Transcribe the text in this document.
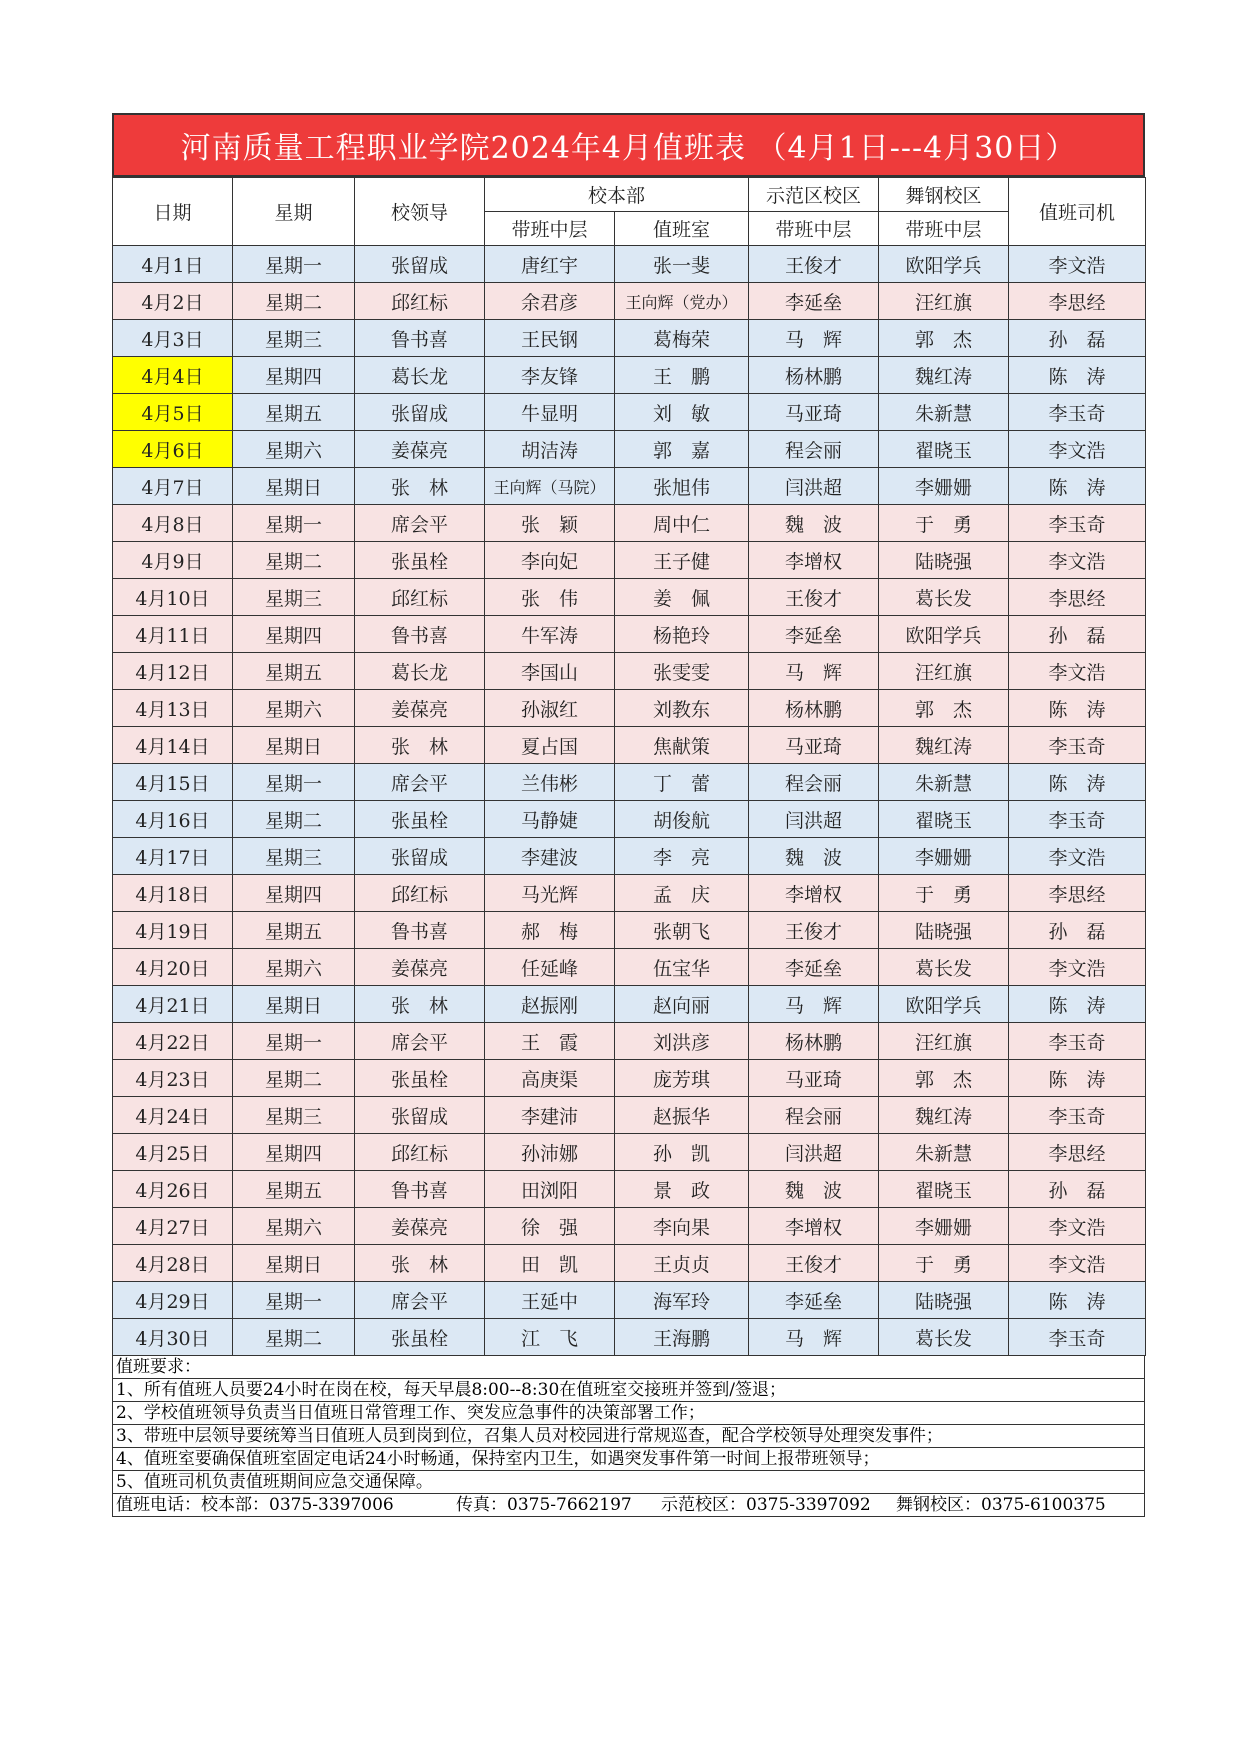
河南质量工程职业学院2024年4月值班表 （4月1日---4月30日）
日期	星期	校领导	校本部		示范区校区	舞钢校区	值班司机
			带班中层	值班室	带班中层	带班中层	
4月1日	星期一	张留成	唐红宇	张一斐	王俊才	欧阳学兵	李文浩
4月2日	星期二	邱红标	余君彦	王向辉（党办）	李延垒	汪红旗	李思经
4月3日	星期三	鲁书喜	王民钢	葛梅荣	马　辉	郭　杰	孙　磊
4月4日	星期四	葛长龙	李友锋	王　鹏	杨林鹏	魏红涛	陈　涛
4月5日	星期五	张留成	牛显明	刘　敏	马亚琦	朱新慧	李玉奇
4月6日	星期六	姜葆亮	胡洁涛	郭　嘉	程会丽	翟晓玉	李文浩
4月7日	星期日	张　林	王向辉（马院）	张旭伟	闫洪超	李姗姗	陈　涛
4月8日	星期一	席会平	张　颖	周中仁	魏　波	于　勇	李玉奇
4月9日	星期二	张虽栓	李向妃	王子健	李增权	陆晓强	李文浩
4月10日	星期三	邱红标	张　伟	姜　佩	王俊才	葛长发	李思经
4月11日	星期四	鲁书喜	牛军涛	杨艳玲	李延垒	欧阳学兵	孙　磊
4月12日	星期五	葛长龙	李国山	张雯雯	马　辉	汪红旗	李文浩
4月13日	星期六	姜葆亮	孙淑红	刘教东	杨林鹏	郭　杰	陈　涛
4月14日	星期日	张　林	夏占国	焦献策	马亚琦	魏红涛	李玉奇
4月15日	星期一	席会平	兰伟彬	丁　蕾	程会丽	朱新慧	陈　涛
4月16日	星期二	张虽栓	马静婕	胡俊航	闫洪超	翟晓玉	李玉奇
4月17日	星期三	张留成	李建波	李　亮	魏　波	李姗姗	李文浩
4月18日	星期四	邱红标	马光辉	孟　庆	李增权	于　勇	李思经
4月19日	星期五	鲁书喜	郝　梅	张朝飞	王俊才	陆晓强	孙　磊
4月20日	星期六	姜葆亮	任延峰	伍宝华	李延垒	葛长发	李文浩
4月21日	星期日	张　林	赵振刚	赵向丽	马　辉	欧阳学兵	陈　涛
4月22日	星期一	席会平	王　霞	刘洪彦	杨林鹏	汪红旗	李玉奇
4月23日	星期二	张虽栓	高庚渠	庞芳琪	马亚琦	郭　杰	陈　涛
4月24日	星期三	张留成	李建沛	赵振华	程会丽	魏红涛	李玉奇
4月25日	星期四	邱红标	孙沛娜	孙　凯	闫洪超	朱新慧	李思经
4月26日	星期五	鲁书喜	田浏阳	景　政	魏　波	翟晓玉	孙　磊
4月27日	星期六	姜葆亮	徐　强	李向果	李增权	李姗姗	李文浩
4月28日	星期日	张　林	田　凯	王贞贞	王俊才	于　勇	李文浩
4月29日	星期一	席会平	王延中	海军玲	李延垒	陆晓强	陈　涛
4月30日	星期二	张虽栓	江　飞	王海鹏	马　辉	葛长发	李玉奇
值班要求：
1、所有值班人员要24小时在岗在校，每天早晨8:00--8:30在值班室交接班并签到/签退；
2、学校值班领导负责当日值班日常管理工作、突发应急事件的决策部署工作；
3、带班中层领导要统筹当日值班人员到岗到位，召集人员对校园进行常规巡查，配合学校领导处理突发事件；
4、值班室要确保值班室固定电话24小时畅通，保持室内卫生，如遇突发事件第一时间上报带班领导；
5、值班司机负责值班期间应急交通保障。
值班电话：校本部：0375-3397006	传真：0375-7662197 示范校区：0375-3397092 舞钢校区：0375-6100375
